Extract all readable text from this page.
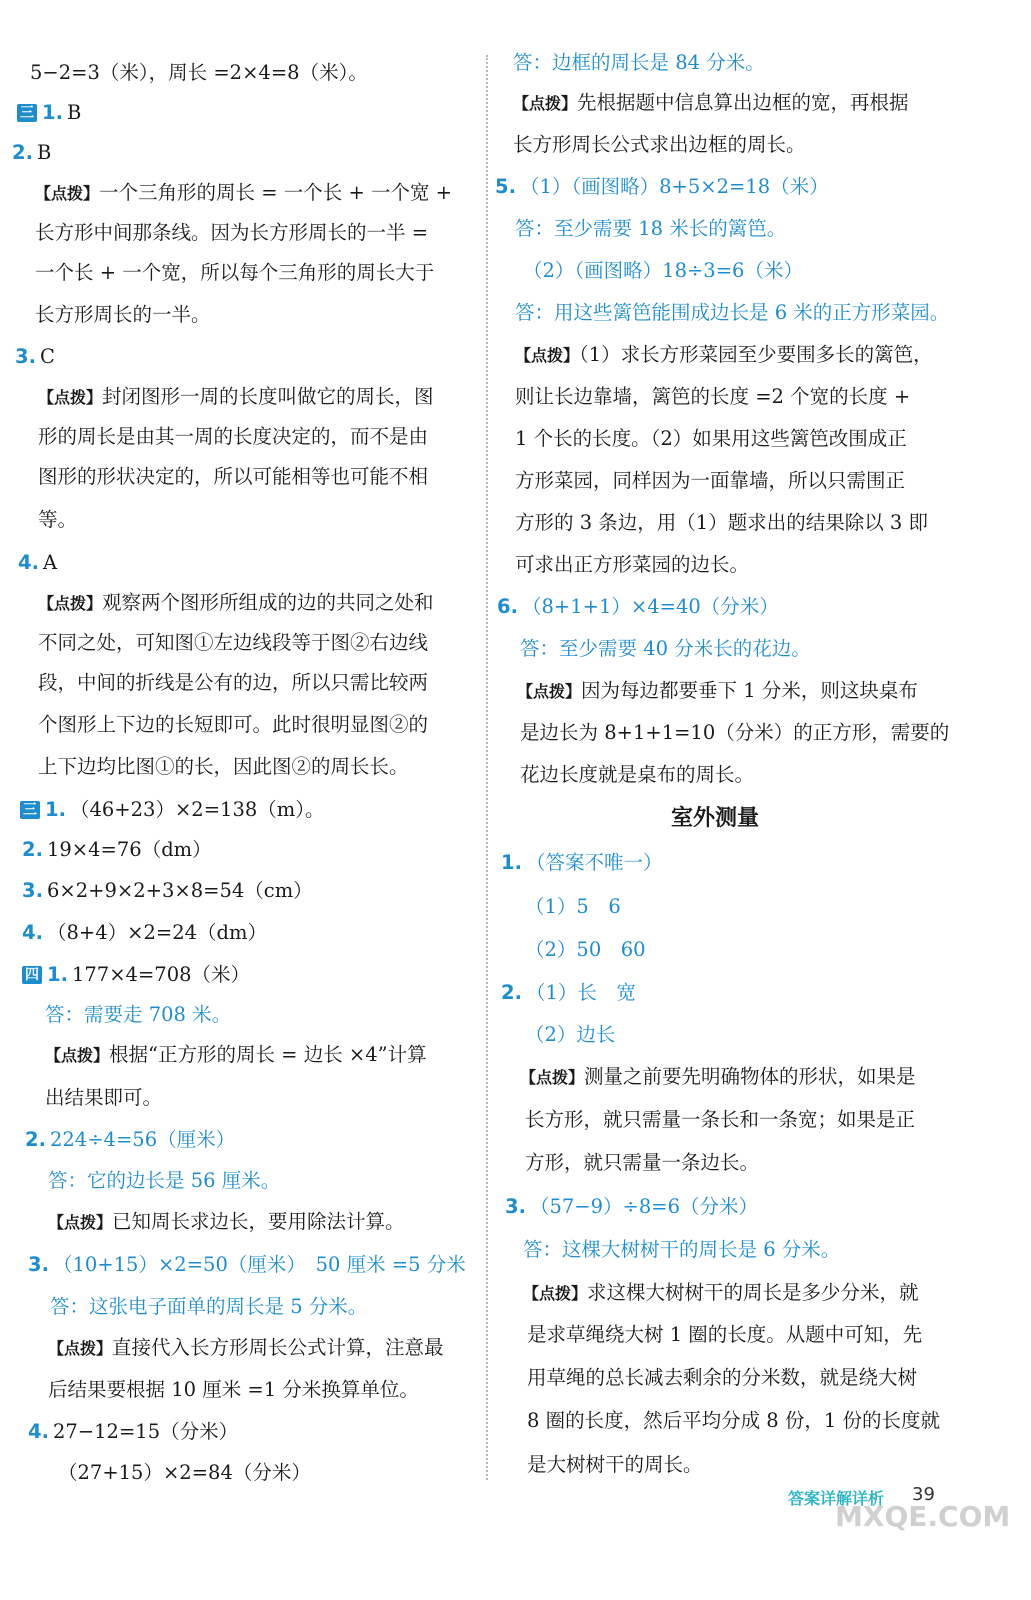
5−2=3（米），周长 =2×4=8（米）。
三 1. B
2. B
【点拨】一个三角形的周长 = 一个长 + 一个宽 +
长方形中间那条线。因为长方形周长的一半 =
一个长 + 一个宽，所以每个三角形的周长大于
长方形周长的一半。
3. C
【点拨】封闭图形一周的长度叫做它的周长，图
形的周长是由其一周的长度决定的，而不是由
图形的形状决定的，所以可能相等也可能不相
等。
4. A
【点拨】观察两个图形所组成的边的共同之处和
不同之处，可知图①左边线段等于图②右边线
段，中间的折线是公有的边，所以只需比较两
个图形上下边的长短即可。此时很明显图②的
上下边均比图①的长，因此图②的周长长。
三 1. （46+23）×2=138（m）。
2. 19×4=76（dm）
3. 6×2+9×2+3×8=54（cm）
4. （8+4）×2=24（dm）
四 1. 177×4=708（米）
答：需要走 708 米。
【点拨】根据“正方形的周长 = 边长 ×4”计算
出结果即可。
2. 224÷4=56（厘米）
答：它的边长是 56 厘米。
【点拨】已知周长求边长，要用除法计算。
3. （10+15）×2=50（厘米）　50 厘米 =5 分米
答：这张电子面单的周长是 5 分米。
【点拨】直接代入长方形周长公式计算，注意最
后结果要根据 10 厘米 =1 分米换算单位。
4. 27−12=15（分米）
（27+15）×2=84（分米）
室外测量
答：边框的周长是 84 分米。
【点拨】先根据题中信息算出边框的宽，再根据
长方形周长公式求出边框的周长。
5. （1）（画图略）8+5×2=18（米）
答：至少需要 18 米长的篱笆。
（2）（画图略）18÷3=6（米）
答：用这些篱笆能围成边长是 6 米的正方形菜园。
【点拨】（1）求长方形菜园至少要围多长的篱笆，
则让长边靠墙，篱笆的长度 =2 个宽的长度 +
1 个长的长度。（2）如果用这些篱笆改围成正
方形菜园，同样因为一面靠墙，所以只需围正
方形的 3 条边，用（1）题求出的结果除以 3 即
可求出正方形菜园的边长。
6. （8+1+1）×4=40（分米）
答：至少需要 40 分米长的花边。
【点拨】因为每边都要垂下 1 分米，则这块桌布
是边长为 8+1+1=10（分米）的正方形，需要的
花边长度就是桌布的周长。
1. （答案不唯一）
（1）5　6
（2）50　60
2. （1）长　宽
（2）边长
【点拨】测量之前要先明确物体的形状，如果是
长方形，就只需量一条长和一条宽；如果是正
方形，就只需量一条边长。
3. （57−9）÷8=6（分米）
答：这棵大树树干的周长是 6 分米。
【点拨】求这棵大树树干的周长是多少分米，就
是求草绳绕大树 1 圈的长度。从题中可知，先
用草绳的总长减去剩余的分米数，就是绕大树
8 圈的长度，然后平均分成 8 份，1 份的长度就
是大树树干的周长。
答案详解详析 39
MXQE.COM
